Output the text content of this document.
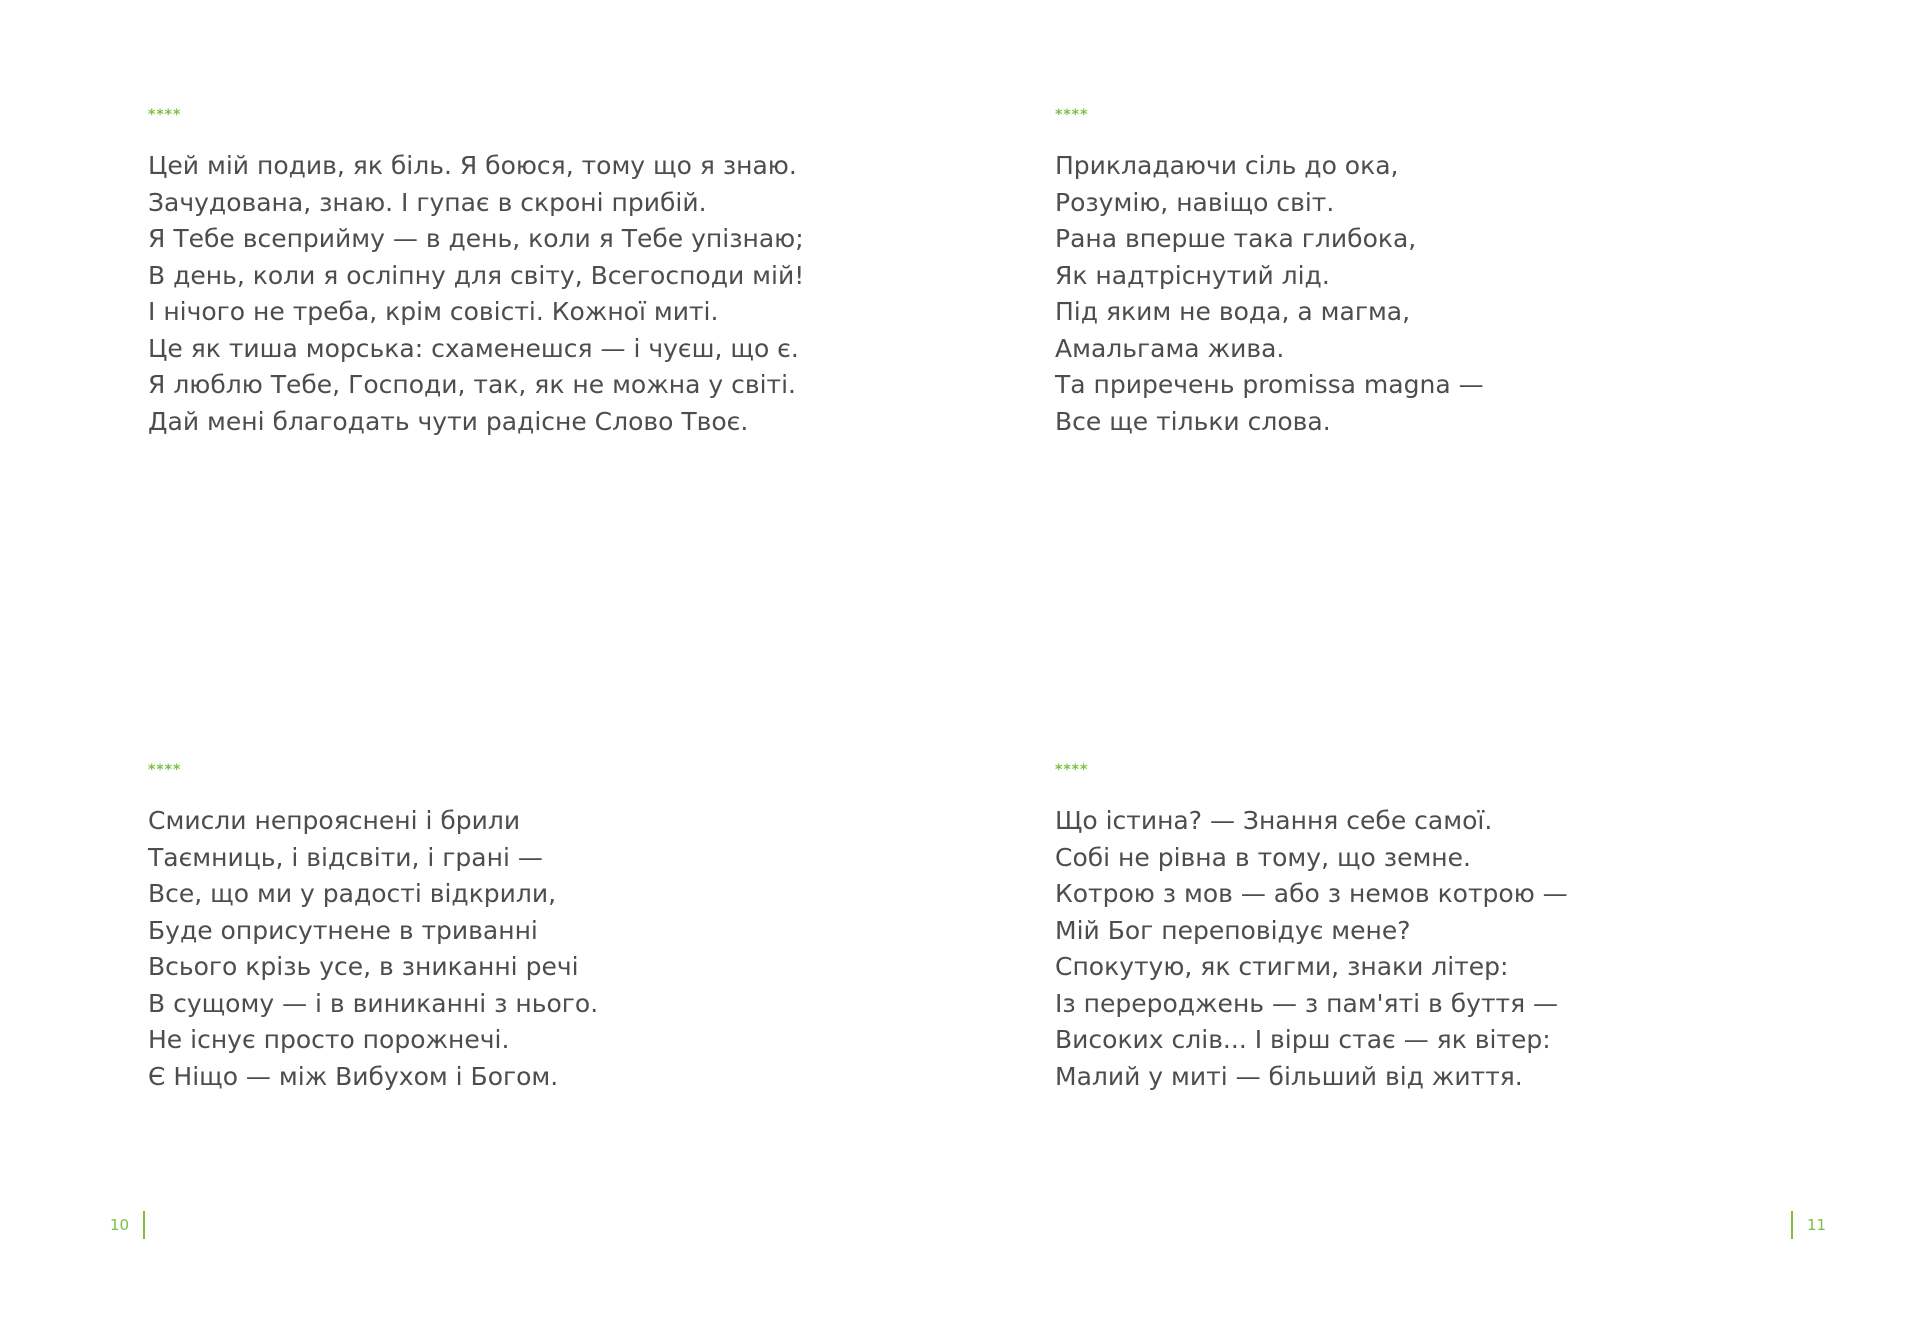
****
Цей мій подив, як біль. Я боюся, тому що я знаю.
Зачудована, знаю. І гупає в скроні прибій.
Я Тебе всеприйму — в день, коли я Тебе упізнаю;
В день, коли я осліпну для світу, Всегосподи мій!
І нічого не треба, крім совісті. Кожної миті.
Це як тиша морська: схаменешся — і чуєш, що є.
Я люблю Тебе, Господи, так, як не можна у світі.
Дай мені благодать чути радісне Слово Твоє.
****
Прикладаючи сіль до ока,
Розумію, навіщо світ.
Рана вперше така глибока,
Як надтріснутий лід.
Під яким не вода, а магма,
Амальгама жива.
Та приречень promissa magna —
Все ще тільки слова.
****
Смисли непрояснені і брили
Таємниць, і відсвіти, і грані —
Все, що ми у радості відкрили,
Буде оприсутнене в триванні
Всього крізь усе, в зниканні речі
В сущому — і в виниканні з нього.
Не існує просто порожнечі.
Є Ніщо — між Вибухом і Богом.
****
Що істина? — Знання себе самої.
Собі не рівна в тому, що земне.
Котрою з мов — або з немов котрою —
Мій Бог переповідує мене?
Спокутую, як стигми, знаки літер:
Із перероджень — з пам'яті в буття —
Високих слів... І вірш стає — як вітер:
Малий у миті — більший від життя.
10	11
